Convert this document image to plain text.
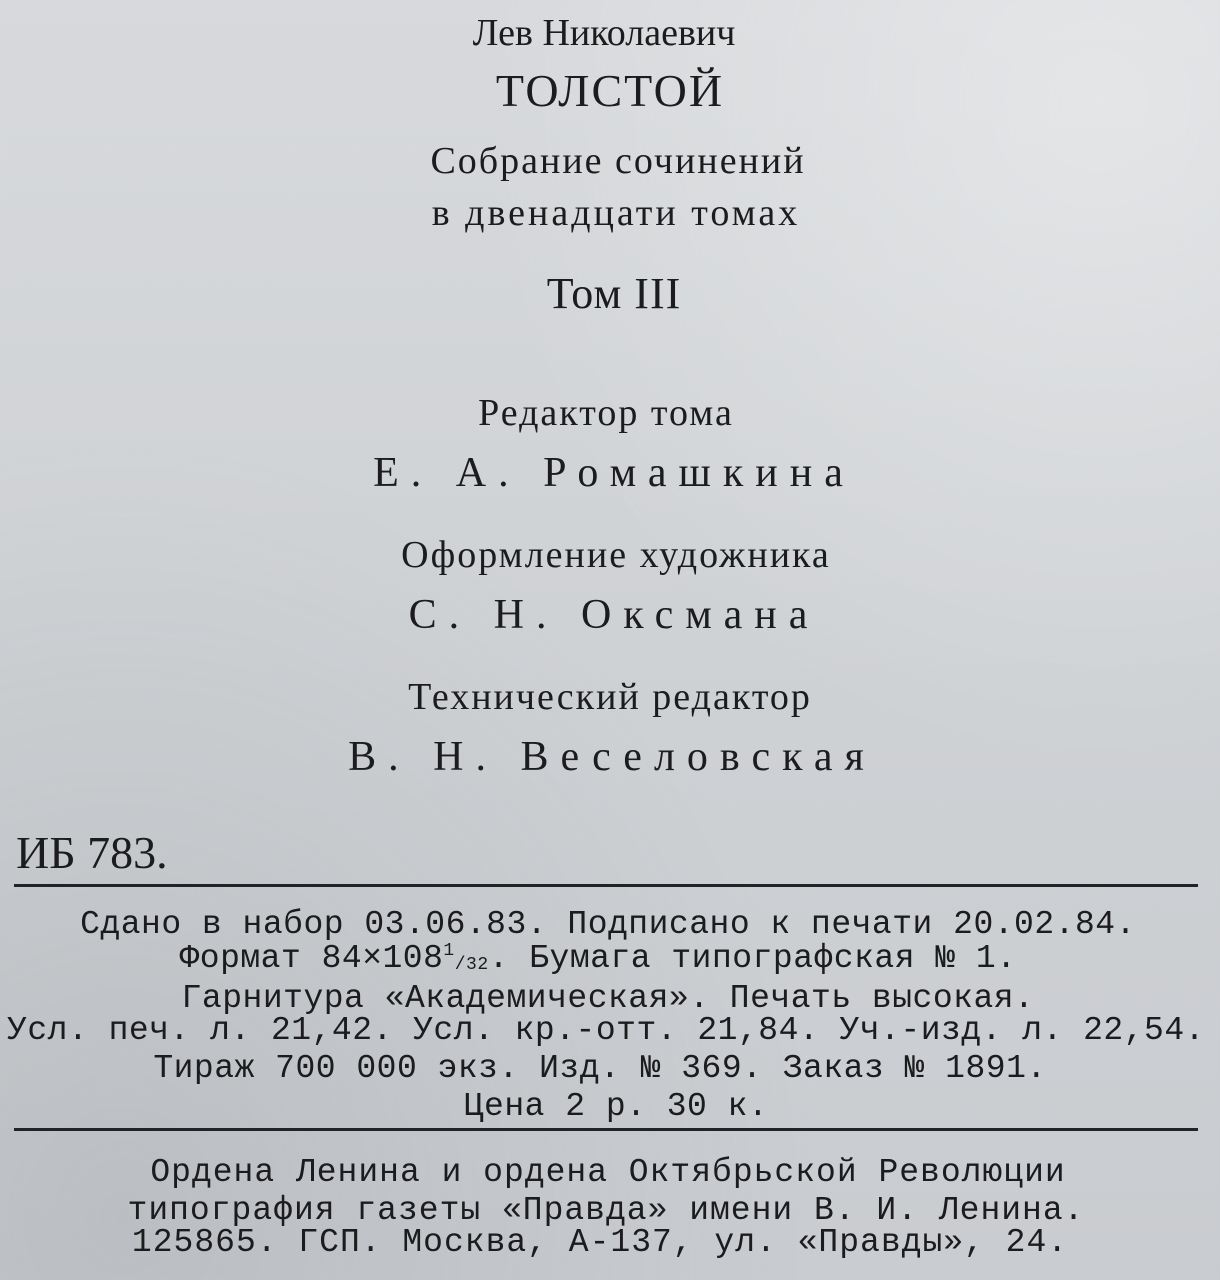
Лев Николаевич
ТОЛСТОЙ
Собрание сочинений
в двенадцати томах
Том III
Редактор тома
Е. А. Ромашкина
Оформление художника
С. Н. Оксмана
Технический редактор
В. Н. Веселовская
ИБ 783.
Сдано в набор 03.06.83. Подписано к печати 20.02.84.
Формат $84\times 108^1/32$. Бумага типографская № 1.
Гарнитура «Академическая». Печать высокая.
Усл. печ. л. 21,42. Усл. кр.-отт. 21,84. Уч.-изд. л. 22,54.
Тираж 700 000 экз. Изд. № 369. Заказ № 1891.
Цена 2 р. 30 к.
Ордена Ленина и ордена Октябрьской Революции
типография газеты «Правда» имени В. И. Ленина.
125865. ГСП. Москва, А-137, ул. «Правды», 24.
